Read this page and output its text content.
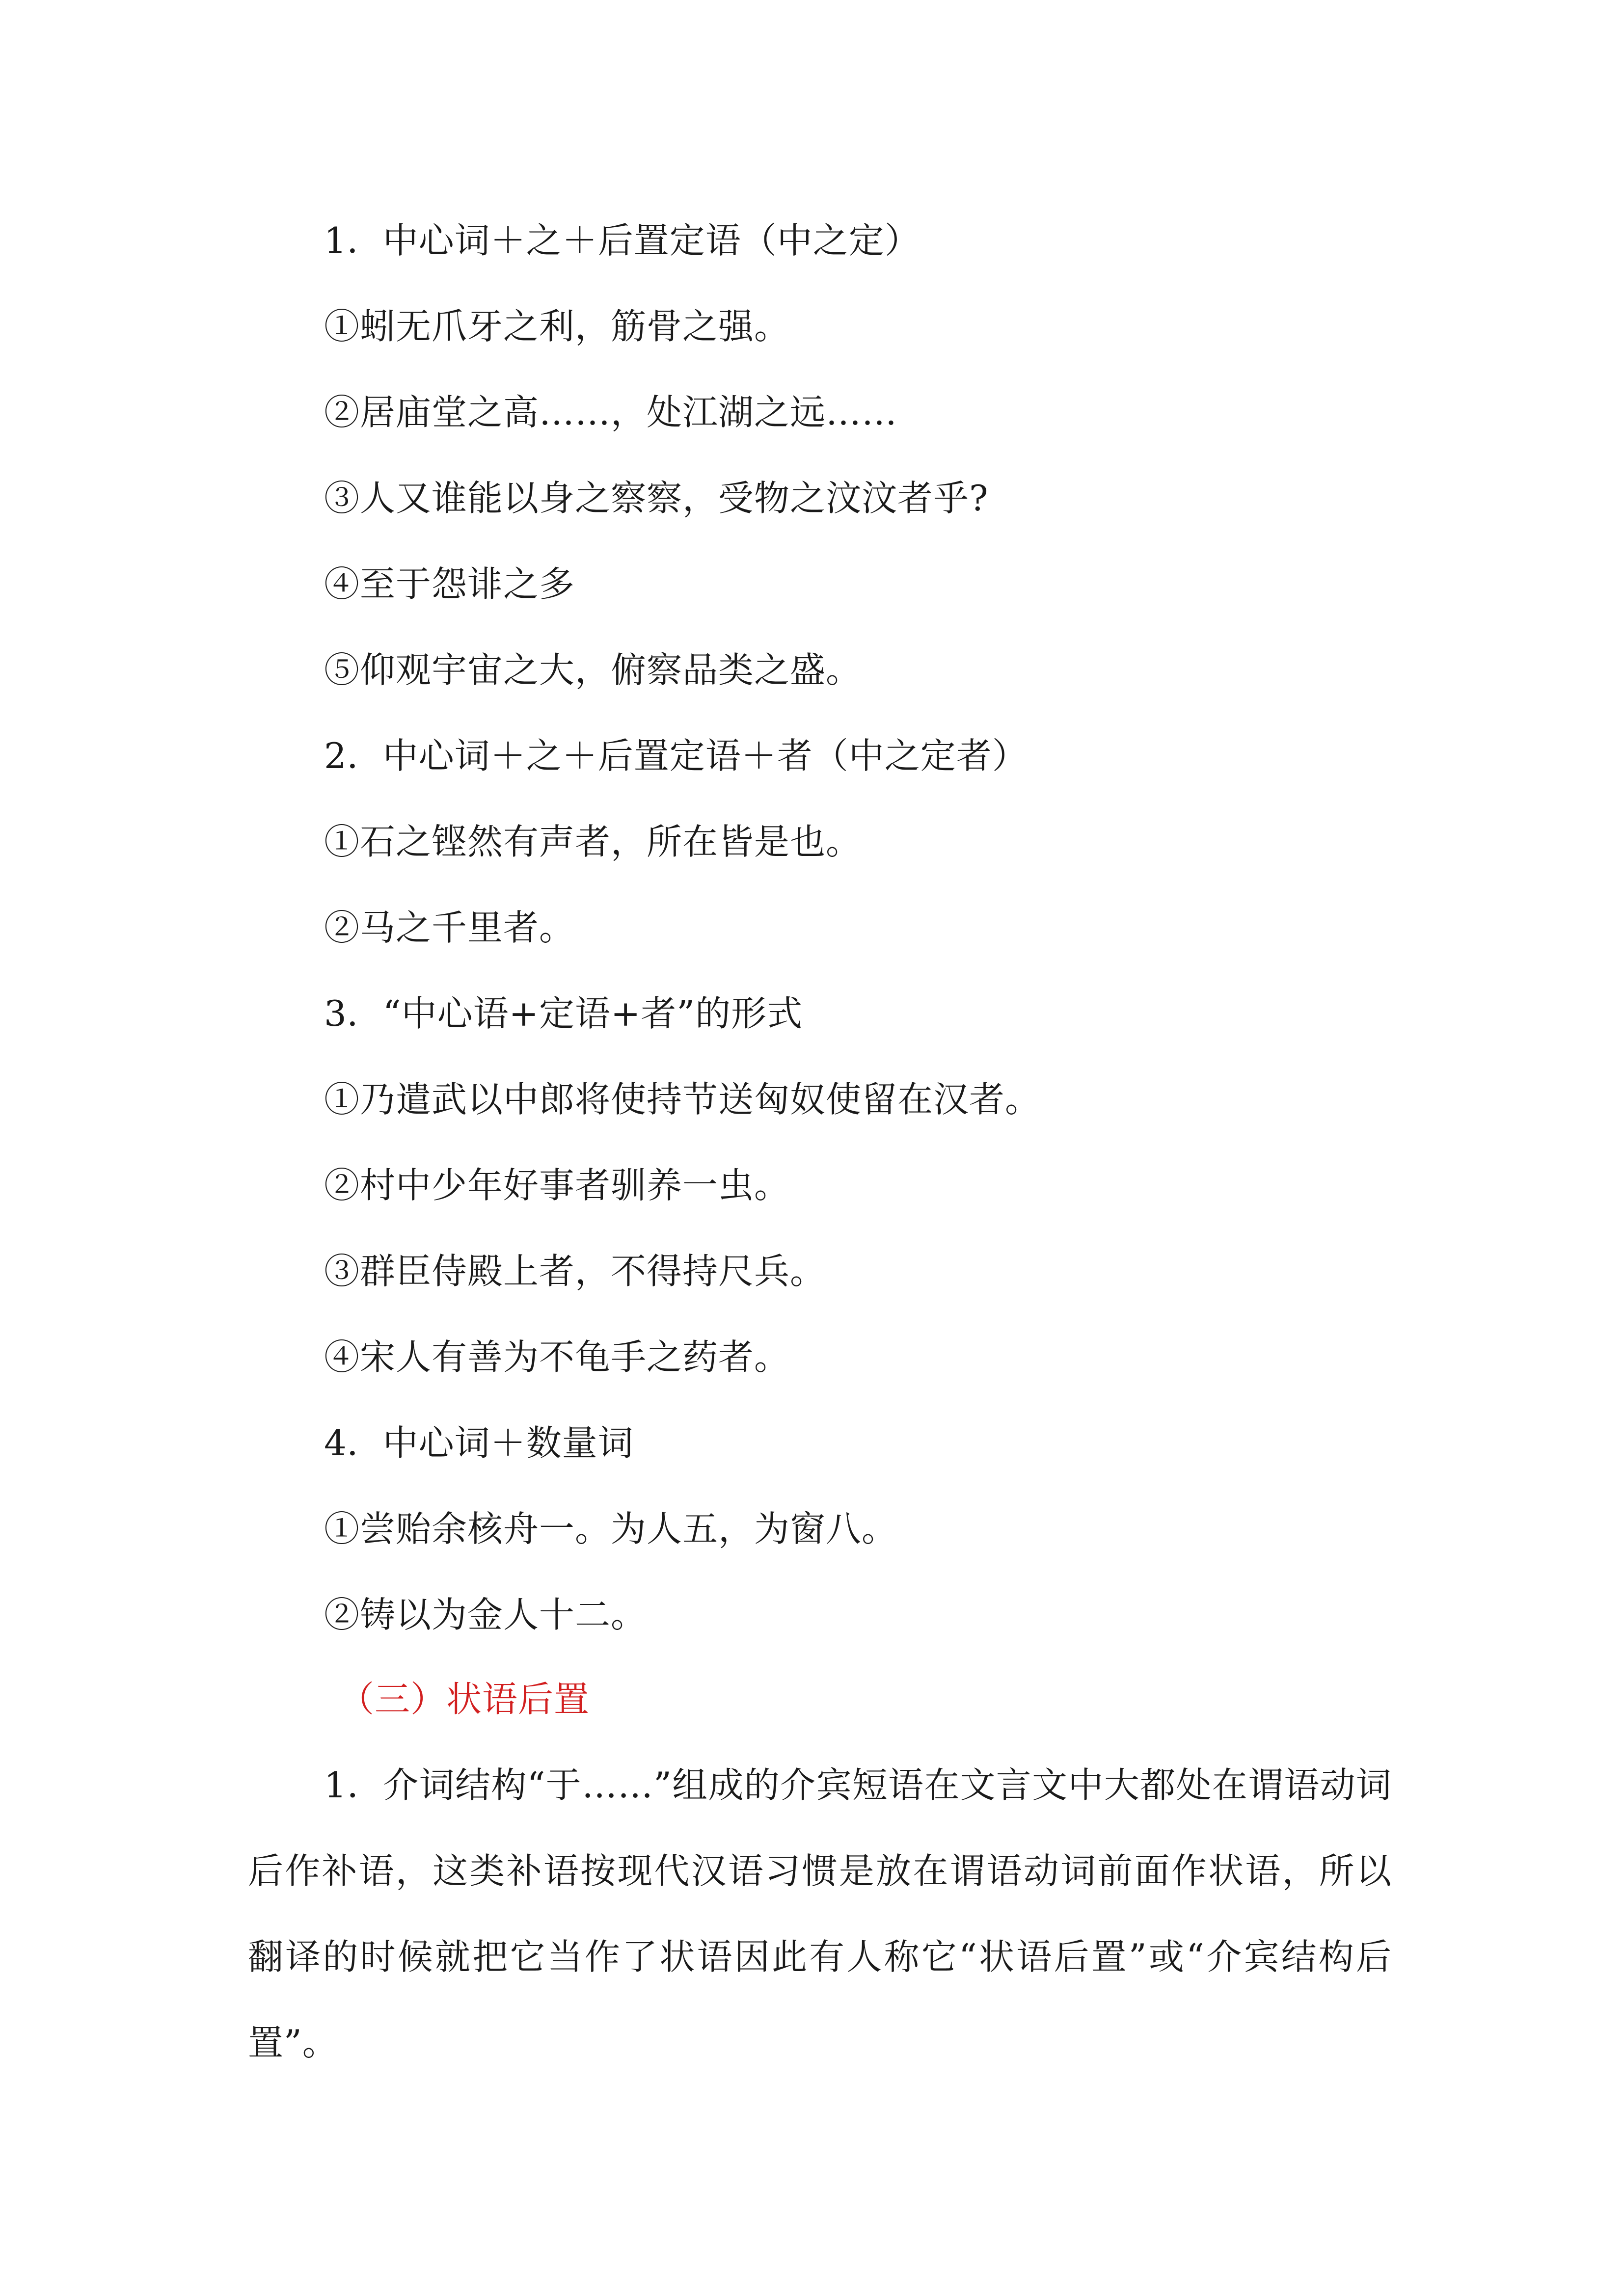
1．中心词＋之＋后置定语（中之定）
①蚓无爪牙之利，筋骨之强。
②居庙堂之高……，处江湖之远……
③人又谁能以身之察察，受物之汶汶者乎?
④至于怨诽之多
⑤仰观宇宙之大，俯察品类之盛。
2．中心词＋之＋后置定语＋者（中之定者）
①石之铿然有声者，所在皆是也。
②马之千里者。
3．“中心语+定语+者”的形式
①乃遣武以中郎将使持节送匈奴使留在汉者。
②村中少年好事者驯养一虫。
③群臣侍殿上者，不得持尺兵。
④宋人有善为不龟手之药者。
4．中心词＋数量词
①尝贻余核舟一。为人五，为窗八。
②铸以为金人十二。
（三）状语后置
1．介词结构“于……”组成的介宾短语在文言文中大都处在谓语动词后作补语，这类补语按现代汉语习惯是放在谓语动词前面作状语，所以翻译的时候就把它当作了状语因此有人称它“状语后置”或“介宾结构后置”。
